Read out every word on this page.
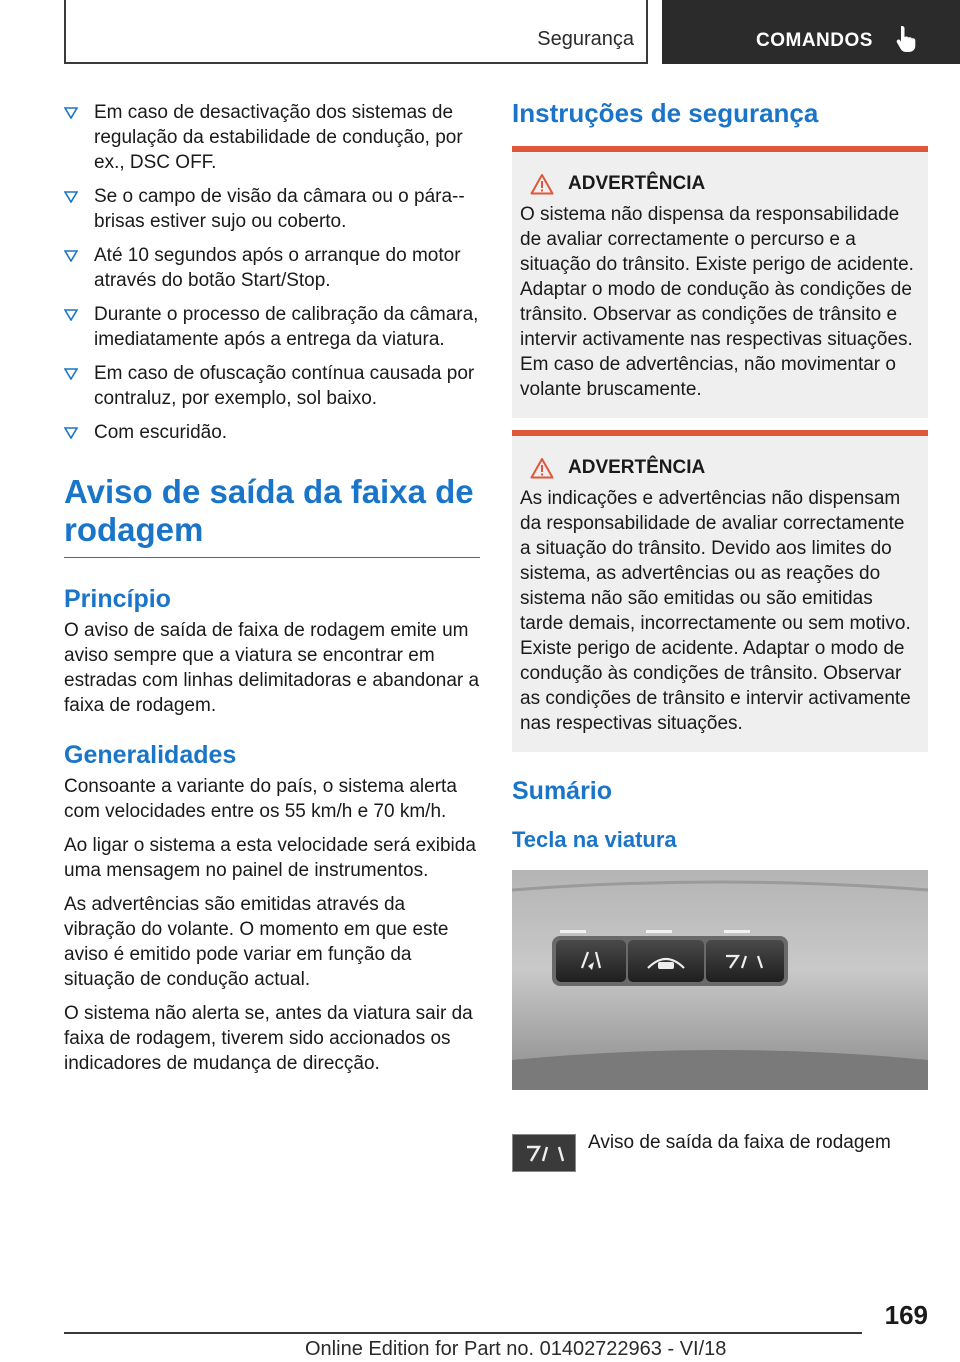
Segurança	COMANDOS
Em caso de desactivação dos sistemas de regulação da estabilidade de condução, por ex., DSC OFF.
Se o campo de visão da câmara ou o pára--brisas estiver sujo ou coberto.
Até 10 segundos após o arranque do motor através do botão Start/Stop.
Durante o processo de calibração da câmara, imediatamente após a entrega da viatura.
Em caso de ofuscação contínua causada por contraluz, por exemplo, sol baixo.
Com escuridão.
Aviso de saída da faixa de rodagem
Princípio

O aviso de saída de faixa de rodagem emite um aviso sempre que a viatura se encontrar em estradas com linhas delimitadoras e abandonar a faixa de rodagem.

Generalidades

Consoante a variante do país, o sistema alerta com velocidades entre os 55 km/h e 70 km/h.

Ao ligar o sistema a esta velocidade será exibida uma mensagem no painel de instrumentos.

As advertências são emitidas através da vibração do volante. O momento em que este aviso é emitido pode variar em função da situação de condução actual.

O sistema não alerta se, antes da viatura sair da faixa de rodagem, tiverem sido accionados os indicadores de mudança de direcção.

Instruções de segurança
ADVERTÊNCIA
O sistema não dispensa da responsabilidade de avaliar correctamente o percurso e a situação do trânsito. Existe perigo de acidente. Adaptar o modo de condução às condições de trânsito. Observar as condições de trânsito e intervir activamente nas respectivas situações. Em caso de advertências, não movimentar o volante bruscamente.
ADVERTÊNCIA
As indicações e advertências não dispensam da responsabilidade de avaliar correctamente a situação do trânsito. Devido aos limites do sistema, as advertências ou as reações do sistema não são emitidas ou são emitidas tarde demais, incorrectamente ou sem motivo. Existe perigo de acidente. Adaptar o modo de condução às condições de trânsito. Observar as condições de trânsito e intervir activamente nas respectivas situações.
Sumário
Tecla na viatura
Aviso de saída da faixa de rodagem
169
Online Edition for Part no. 01402722963 - VI/18
